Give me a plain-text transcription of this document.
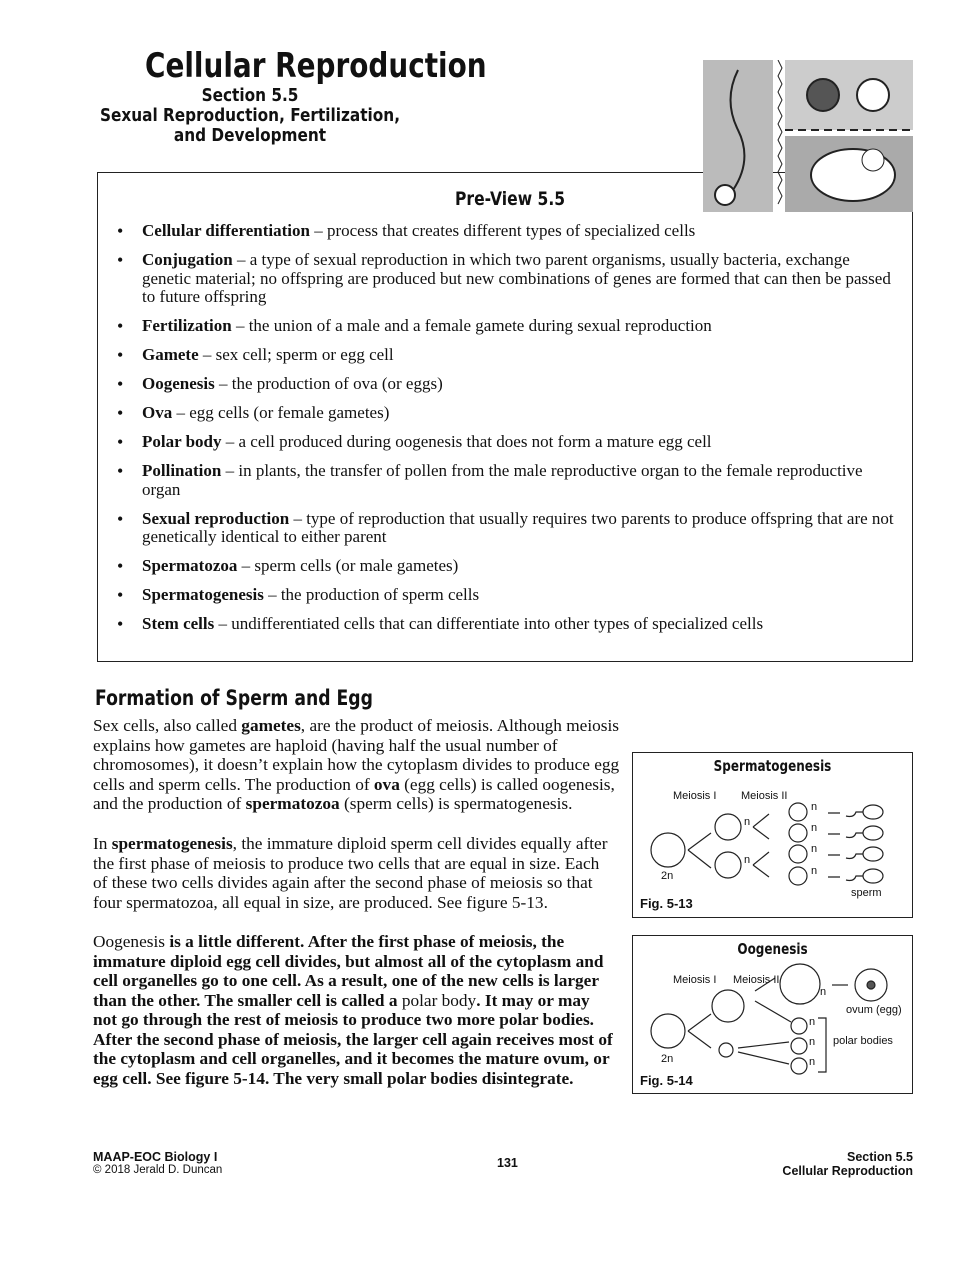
Cellular Reproduction
Section 5.5
Sexual Reproduction, Fertilization,
and Development
Pre-View 5.5
• Cellular differentiation – process that creates different types of specialized cells
• Conjugation – a type of sexual reproduction in which two parent organisms, usually bacteria, exchange genetic material; no offspring are produced but new combinations of genes are formed that can then be passed to future offspring
• Fertilization – the union of a male and a female gamete during sexual reproduction
• Gamete – sex cell; sperm or egg cell
• Oogenesis – the production of ova (or eggs)
• Ova – egg cells (or female gametes)
• Polar body – a cell produced during oogenesis that does not form a mature egg cell
• Pollination – in plants, the transfer of pollen from the male reproductive organ to the female reproductive organ
• Sexual reproduction – type of reproduction that usually requires two parents to produce offspring that are not genetically identical to either parent
• Spermatozoa – sperm cells (or male gametes)
• Spermatogenesis – the production of sperm cells
• Stem cells – undifferentiated cells that can differentiate into other types of specialized cells
Formation of Sperm and Egg
Sex cells, also called gametes, are the product of meiosis. Although meiosis explains how gametes are haploid (having half the usual number of chromosomes), it doesn’t explain how the cytoplasm divides to produce egg cells and sperm cells. The production of ova (egg cells) is called oogenesis, and the production of spermatozoa (sperm cells) is spermatogenesis.
In spermatogenesis, the immature diploid sperm cell divides equally after the first phase of meiosis to produce two cells that are equal in size. Each of these two cells divides again after the second phase of meiosis so that four spermatozoa, all equal in size, are produced. See figure 5-13.
Oogenesis is a little different. After the first phase of meiosis, the immature diploid egg cell divides, but almost all of the cytoplasm and cell organelles go to one cell. As a result, one of the new cells is larger than the other. The smaller cell is called a polar body. It may or may not go through the rest of meiosis to produce two more polar bodies. After the second phase of meiosis, the larger cell again receives most of the cytoplasm and cell organelles, and it becomes the mature ovum, or egg cell. See figure 5-14. The very small polar bodies disintegrate.
Spermatogenesis
Meiosis I Meiosis II
n
n
n
n
n
n
2n
sperm
Fig. 5-13
Oogenesis
Meiosis I Meiosis II
n
n
n
n
2n
ovum (egg)
polar bodies
Fig. 5-14
MAAP-EOC Biology I
© 2018 Jerald D. Duncan	131	Section 5.5
Cellular Reproduction
